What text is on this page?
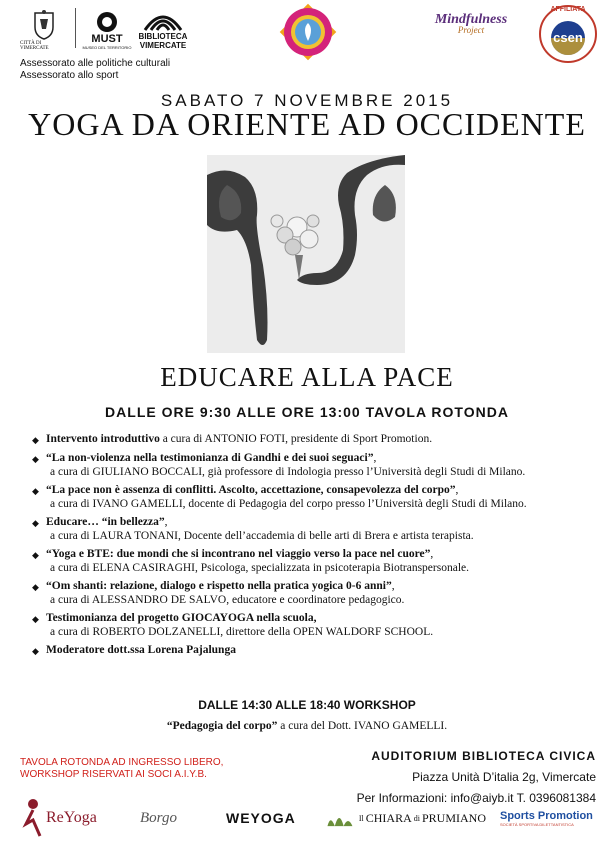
CITTÀ DI VIMERCATE
MUST
MUSEO DEL TERRITORIO
BIBLIOTECA
VIMERCATE
Assessorato alle politiche culturali
Assessorato allo sport
Mindfulness
Project
AFFILIATA
csen
SABATO 7 NOVEMBRE 2015
YOGA DA ORIENTE AD OCCIDENTE
EDUCARE ALLA PACE
DALLE ORE 9:30 ALLE ORE 13:00 TAVOLA ROTONDA
◆ Intervento introduttivo a cura di ANTONIO FOTI, presidente di Sport Promotion.
◆ “La non-violenza nella testimonianza di Gandhi e dei suoi seguaci”,
a cura di GIULIANO BOCCALI, già professore di Indologia presso l’Università degli Studi di Milano.
◆ “La pace non è assenza di conflitti. Ascolto, accettazione, consapevolezza del corpo”,
a cura di IVANO GAMELLI, docente di Pedagogia del corpo presso l’Università degli Studi di Milano.
◆ Educare… “in bellezza”,
a cura di LAURA TONANI, Docente dell’accademia di belle arti di Brera e artista terapista.
◆ “Yoga e BTE: due mondi che si incontrano nel viaggio verso la pace nel cuore”,
a cura di ELENA CASIRAGHI, Psicologa, specializzata in psicoterapia Biotranspersonale.
◆ “Om shanti: relazione, dialogo e rispetto nella pratica yogica 0-6 anni”,
a cura di ALESSANDRO DE SALVO, educatore e coordinatore pedagogico.
◆ Testimonianza del progetto GIOCAYOGA nella scuola,
a cura di ROBERTO DOLZANELLI, direttore della OPEN WALDORF SCHOOL.
◆ Moderatore dott.ssa Lorena Pajalunga
DALLE 14:30 ALLE 18:40 WORKSHOP
“Pedagogia del corpo” a cura del Dott. IVANO GAMELLI.
TAVOLA ROTONDA AD INGRESSO LIBERO,
WORKSHOP RISERVATI AI SOCI A.I.Y.B.
AUDITORIUM BIBLIOTECA CIVICA
Piazza Unità D’italia 2g, Vimercate
Per Informazioni: info@aiyb.it T. 0396081384
ReYoga	Borgo	WEYOGA	Il CHIARA di PRUMIANO Sports Promotion
SOCIETÀ SPORTIVA DILETTANTISTICA
